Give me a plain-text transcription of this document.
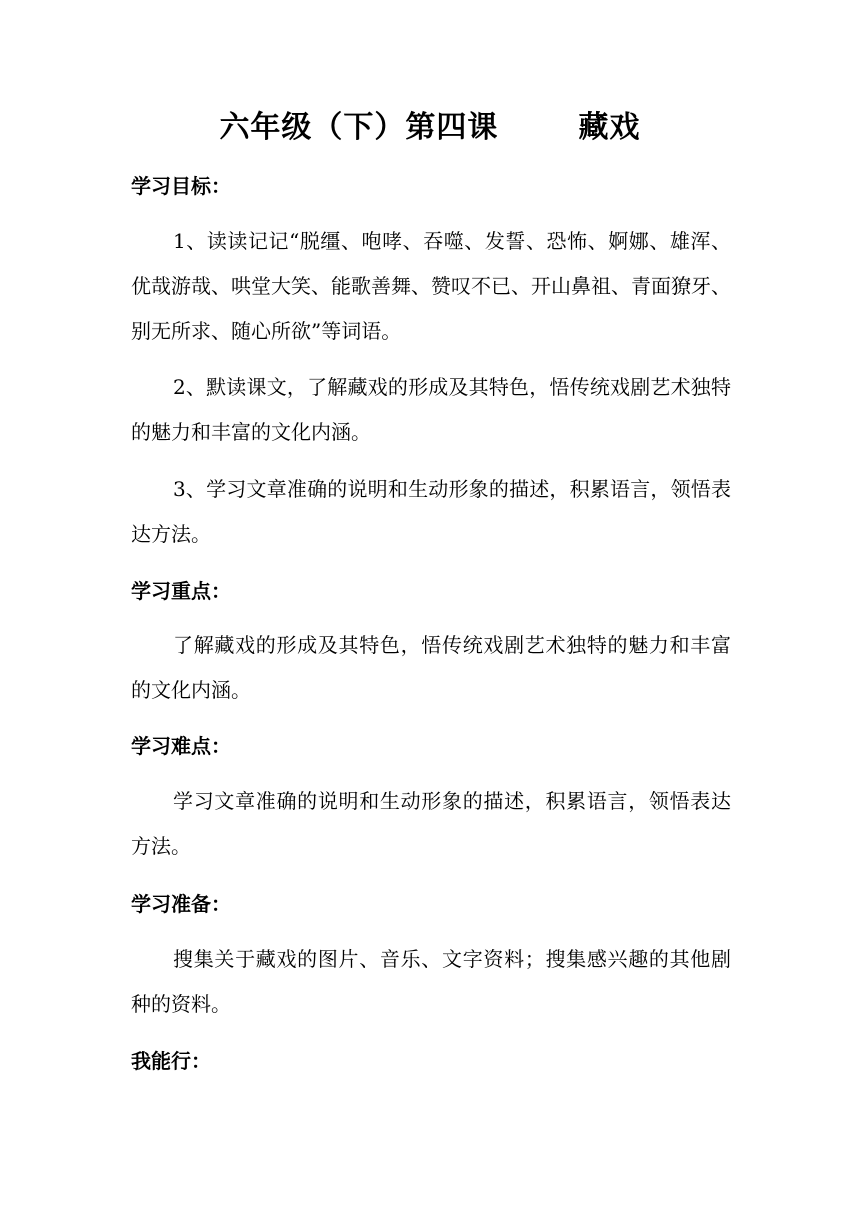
六年级（下）第四课       藏戏
学习目标：
1、读读记记“脱缰、咆哮、吞噬、发誓、恐怖、婀娜、雄浑、优哉游哉、哄堂大笑、能歌善舞、赞叹不已、开山鼻祖、青面獠牙、别无所求、随心所欲”等词语。
2、默读课文，了解藏戏的形成及其特色，悟传统戏剧艺术独特的魅力和丰富的文化内涵。
3、学习文章准确的说明和生动形象的描述，积累语言，领悟表达方法。
学习重点：
了解藏戏的形成及其特色，悟传统戏剧艺术独特的魅力和丰富的文化内涵。
学习难点：
学习文章准确的说明和生动形象的描述，积累语言，领悟表达方法。
学习准备：
搜集关于藏戏的图片、音乐、文字资料；搜集感兴趣的其他剧种的资料。
我能行：
